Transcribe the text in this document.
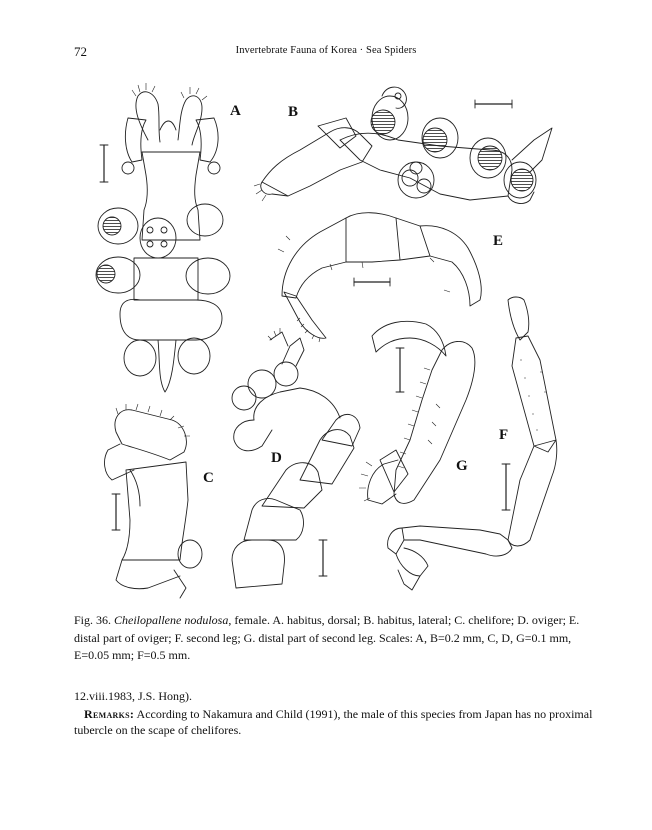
72	Invertebrate Fauna of Korea · Sea Spiders
A	B
E
F
G
D
C
Fig. 36. Cheilopallene nodulosa, female. A. habitus, dorsal; B. habitus, lateral; C. chelifore; D. oviger; E. distal part of oviger; F. second leg; G. distal part of second leg. Scales: A, B=0.2 mm, C, D, G=0.1 mm, E=0.05 mm; F=0.5 mm.

12.viii.1983, J.S. Hong).

Remarks: According to Nakamura and Child (1991), the male of this species from Japan has no proximal tubercle on the scape of chelifores.
